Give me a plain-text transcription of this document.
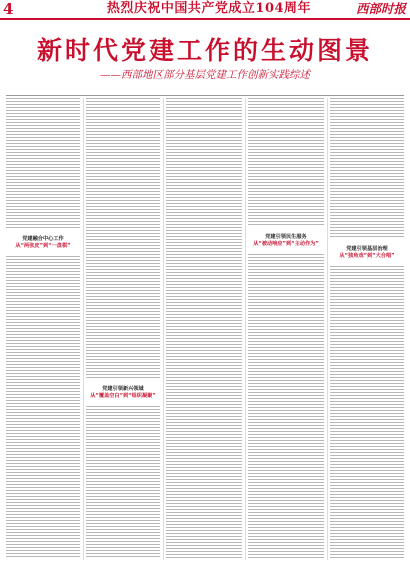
4	热烈庆祝中国共产党成立104周年	西部时报
新时代党建工作的生动图景
——西部地区部分基层党建工作创新实践综述
党建融合中心工作
从“两张皮”到“一盘棋”
党建引领新兴领域
从“覆盖空白”到“组织凝聚”
党建引领民生服务
从“被动响应”到“主动作为”
党建引领基层治理
从“独角戏”到“大合唱”
